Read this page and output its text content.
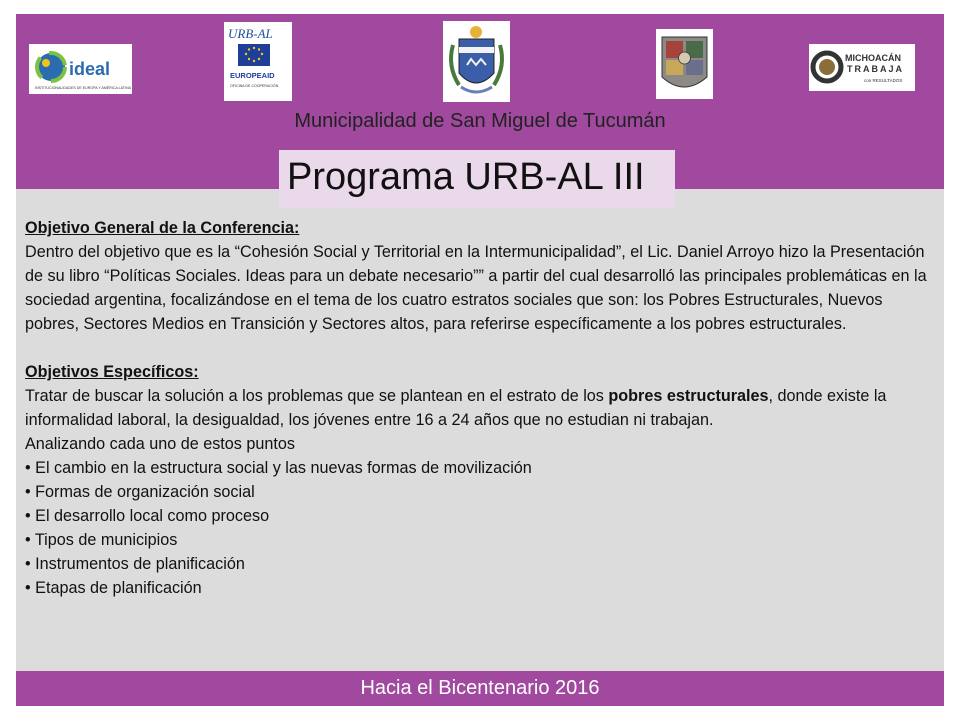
ideal
INSTITUCIONALIDADES DE EUROPA Y AMÉRICA LATINA
URB-AL
EUROPEAID
OFICINA DE COOPERACIÓN
MICHOACÁN
TRABAJA
con RESULTADOS
Municipalidad de San Miguel de Tucumán
Programa URB-AL III

Objetivo General de la Conferencia:

Dentro del objetivo que es la “Cohesión Social y Territorial en la Intermunicipalidad”, el Lic. Daniel Arroyo hizo la Presentación de su libro “Políticas Sociales. Ideas para un debate necesario”” a partir del cual desarrolló las principales problemáticas en la sociedad argentina, focalizándose en el tema de los cuatro estratos sociales que son: los Pobres Estructurales, Nuevos pobres, Sectores Medios en Transición y Sectores altos, para referirse específicamente a los pobres estructurales.

Objetivos Específicos:

Tratar de buscar la solución a los problemas que se plantean en el estrato de los pobres estructurales, donde existe la informalidad laboral, la desigualdad, los jóvenes entre 16 a 24 años que no estudian ni trabajan.

Analizando cada uno de estos puntos

• El cambio en la estructura social y las nuevas formas de movilización

• Formas de organización social

• El desarrollo local como proceso

• Tipos de municipios

• Instrumentos de planificación

• Etapas de planificación

Hacia el Bicentenario 2016
